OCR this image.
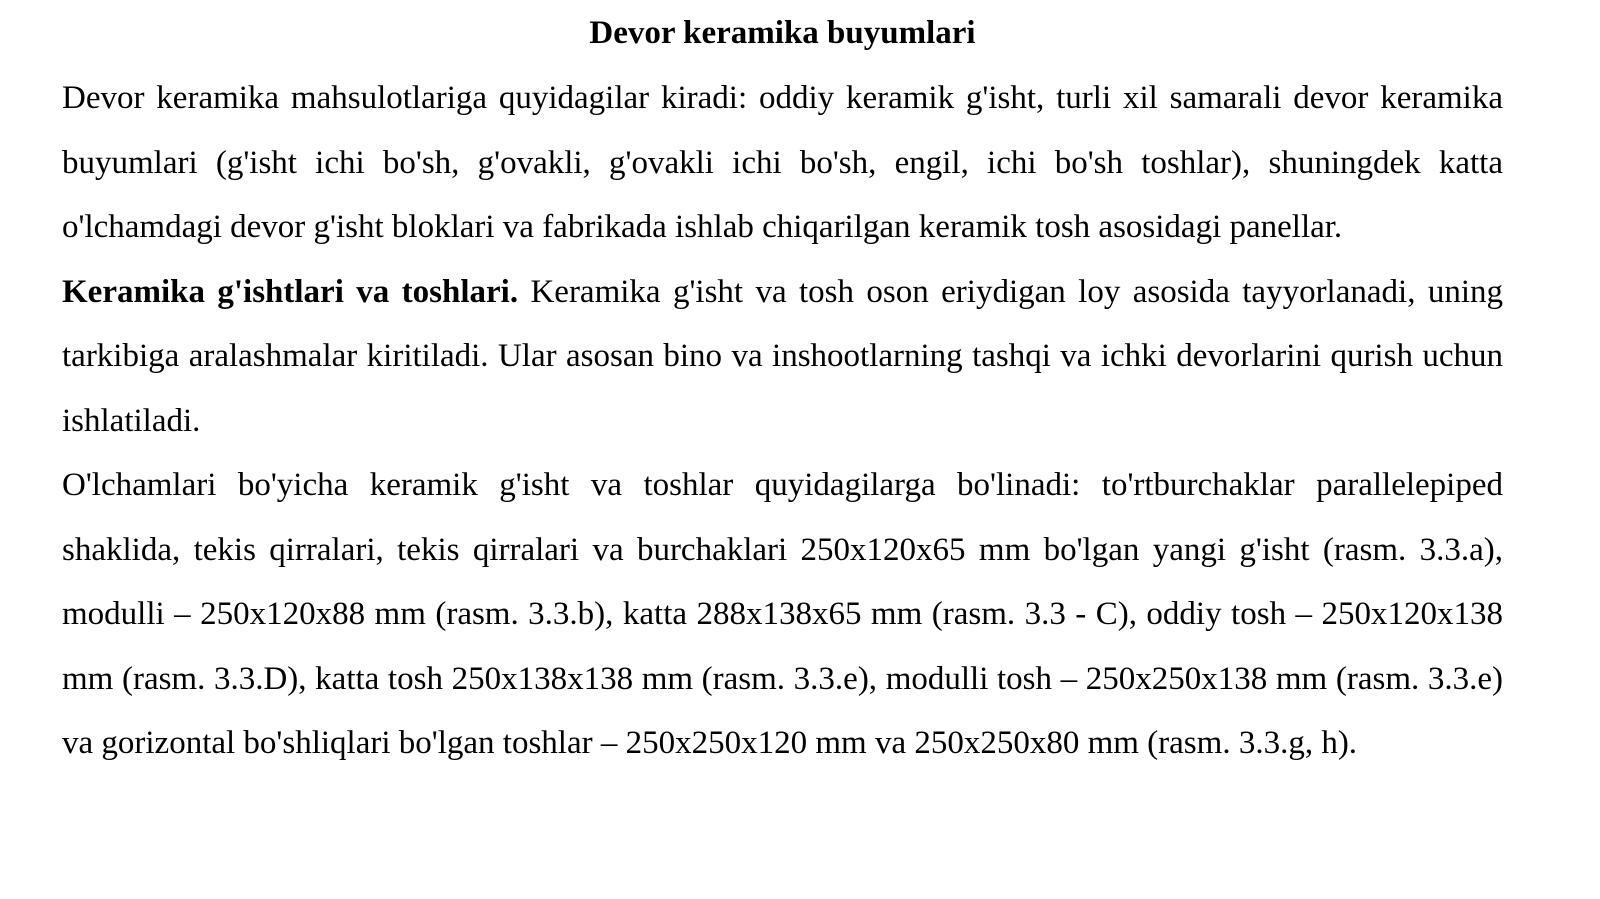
Devor keramika buyumlari

Devor keramika mahsulotlariga quyidagilar kiradi: oddiy keramik g'isht, turli xil samarali devor keramika buyumlari (g'isht ichi bo'sh, g'ovakli, g'ovakli ichi bo'sh, engil, ichi bo'sh toshlar), shuningdek katta o'lchamdagi devor g'isht bloklari va fabrikada ishlab chiqarilgan keramik tosh asosidagi panellar.

Keramika g'ishtlari va toshlari. Keramika g'isht va tosh oson eriydigan loy asosida tayyorlanadi, uning tarkibiga aralashmalar kiritiladi. Ular asosan bino va inshootlarning tashqi va ichki devorlarini qurish uchun ishlatiladi.

O'lchamlari bo'yicha keramik g'isht va toshlar quyidagilarga bo'linadi: to'rtburchaklar parallelepiped shaklida, tekis qirralari, tekis qirralari va burchaklari 250x120x65 mm bo'lgan yangi g'isht (rasm. 3.3.a), modulli – 250x120x88 mm (rasm. 3.3.b), katta 288x138x65 mm (rasm. 3.3 - C), oddiy tosh – 250x120x138 mm (rasm. 3.3.D), katta tosh 250x138x138 mm (rasm. 3.3.e), modulli tosh – 250x250x138 mm (rasm. 3.3.e) va gorizontal bo'shliqlari bo'lgan toshlar – 250x250x120 mm va 250x250x80 mm (rasm. 3.3.g, h).
